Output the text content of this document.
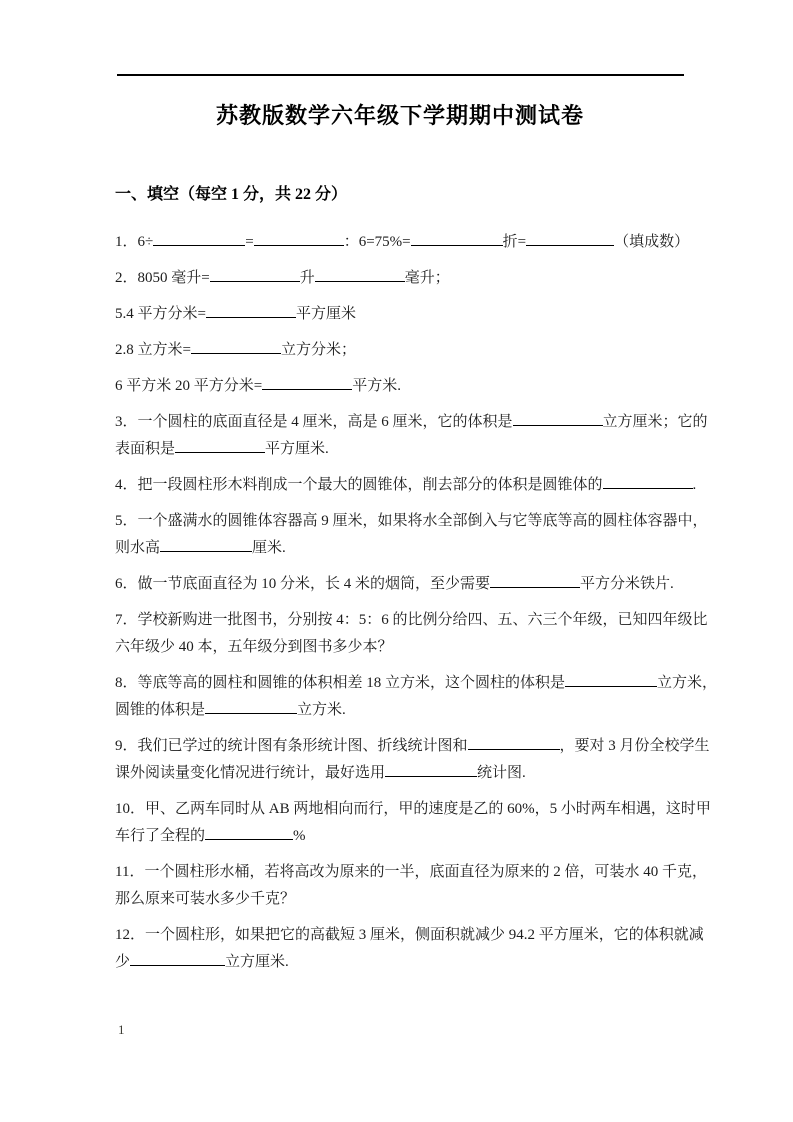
苏教版数学六年级下学期期中测试卷
一、填空（每空 1 分，共 22 分）
1．6÷	=	：6=75%=	折=	（填成数）
2．8050 毫升=	升	毫升；
5.4 平方分米=	平方厘米
2.8 立方米=	立方分米；
6 平方米 20 平方分米=	平方米.
3．一个圆柱的底面直径是 4 厘米，高是 6 厘米，它的体积是	立方厘米；它的
表面积是	平方厘米.
4．把一段圆柱形木料削成一个最大的圆锥体，削去部分的体积是圆锥体的	.
5．一个盛满水的圆锥体容器高 9 厘米，如果将水全部倒入与它等底等高的圆柱体容器中，
则水高	厘米.
6．做一节底面直径为 10 分米，长 4 米的烟筒，至少需要	平方分米铁片.
7．学校新购进一批图书，分别按 4：5：6 的比例分给四、五、六三个年级，已知四年级比
六年级少 40 本，五年级分到图书多少本？
8．等底等高的圆柱和圆锥的体积相差 18 立方米，这个圆柱的体积是	立方米，
圆锥的体积是	立方米.
9．我们已学过的统计图有条形统计图、折线统计图和	，要对 3 月份全校学生
课外阅读量变化情况进行统计，最好选用	统计图.
10．甲、乙两车同时从 AB 两地相向而行，甲的速度是乙的 60%，5 小时两车相遇，这时甲
车行了全程的	%
11．一个圆柱形水桶，若将高改为原来的一半，底面直径为原来的 2 倍，可装水 40 千克，
那么原来可装水多少千克？
12．一个圆柱形，如果把它的高截短 3 厘米，侧面积就减少 94.2 平方厘米，它的体积就减
少	立方厘米.
1
